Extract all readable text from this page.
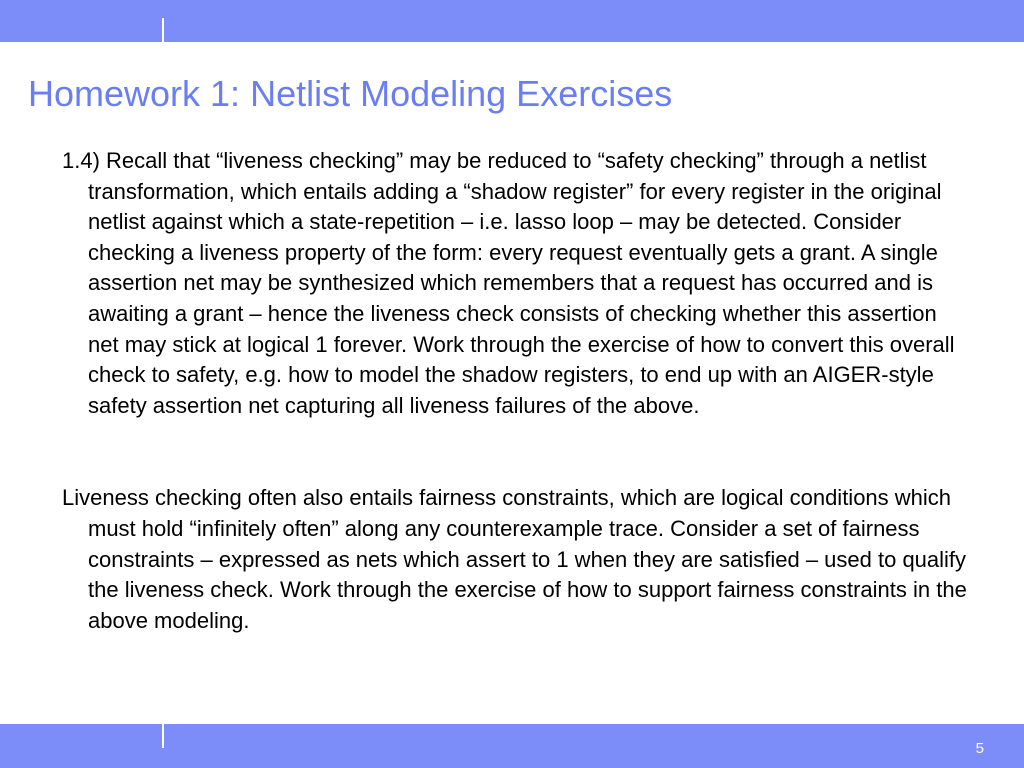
Homework 1: Netlist Modeling Exercises

1.4) Recall that “liveness checking” may be reduced to “safety checking” through a netlist transformation, which entails adding a “shadow register” for every register in the original netlist against which a state-repetition – i.e. lasso loop – may be detected. Consider checking a liveness property of the form: every request eventually gets a grant. A single assertion net may be synthesized which remembers that a request has occurred and is awaiting a grant – hence the liveness check consists of checking whether this assertion net may stick at logical 1 forever. Work through the exercise of how to convert this overall check to safety, e.g. how to model the shadow registers, to end up with an AIGER-style safety assertion net capturing all liveness failures of the above.

Liveness checking often also entails fairness constraints, which are logical conditions which must hold “infinitely often” along any counterexample trace. Consider a set of fairness constraints – expressed as nets which assert to 1 when they are satisfied – used to qualify the liveness check. Work through the exercise of how to support fairness constraints in the above modeling.

5
